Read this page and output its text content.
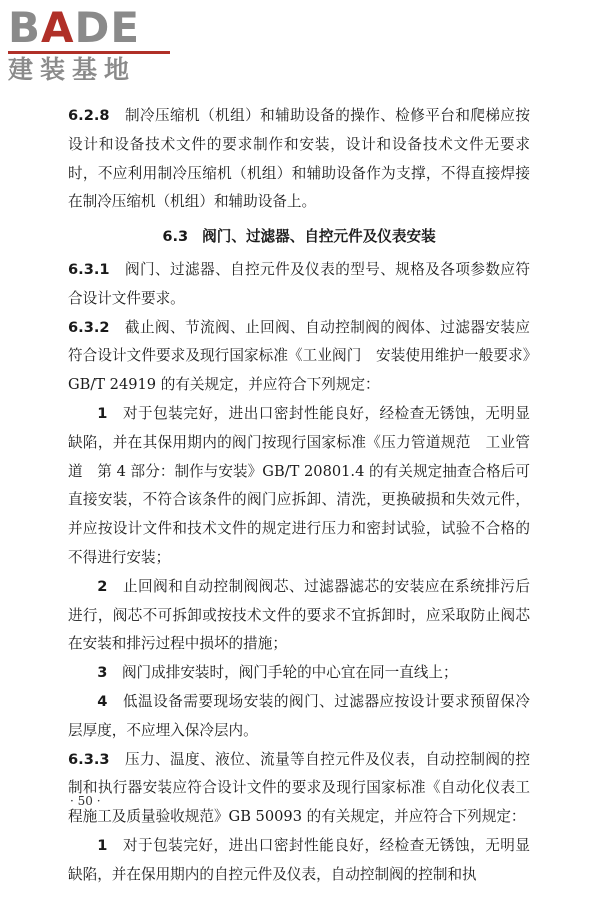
BADE
建装基地

6.2.8　 制冷压缩机（机组）和辅助设备的操作、检修平台和爬梯应按设计和设备技术文件的要求制作和安装，设计和设备技术文件无要求时，不应利用制冷压缩机（机组）和辅助设备作为支撑，不得直接焊接在制冷压缩机（机组）和辅助设备上。

6.3 阀门、过滤器、自控元件及仪表安装

6.3.1　 阀门、过滤器、自控元件及仪表的型号、规格及各项参数应符合设计文件要求。

6.3.2　 截止阀、节流阀、止回阀、自动控制阀的阀体、过滤器安装应符合设计文件要求及现行国家标准《工业阀门　安装使用维护一般要求》GB/T 24919 的有关规定，并应符合下列规定：

1　 对于包装完好，进出口密封性能良好，经检查无锈蚀，无明显缺陷，并在其保用期内的阀门按现行国家标准《压力管道规范　工业管道　第 4 部分：制作与安装》GB/T 20801.4 的有关规定抽查合格后可直接安装，不符合该条件的阀门应拆卸、清洗，更换破损和失效元件，并应按设计文件和技术文件的规定进行压力和密封试验，试验不合格的不得进行安装；

2　 止回阀和自动控制阀阀芯、过滤器滤芯的安装应在系统排污后进行，阀芯不可拆卸或按技术文件的要求不宜拆卸时，应采取防止阀芯在安装和排污过程中损坏的措施；

3　 阀门成排安装时，阀门手轮的中心宜在同一直线上；

4　 低温设备需要现场安装的阀门、过滤器应按设计要求预留保冷层厚度，不应埋入保冷层内。

6.3.3　 压力、温度、液位、流量等自控元件及仪表，自动控制阀的控制和执行器安装应符合设计文件的要求及现行国家标准《自动化仪表工程施工及质量验收规范》GB 50093 的有关规定，并应符合下列规定：

1　 对于包装完好，进出口密封性能良好，经检查无锈蚀，无明显缺陷，并在保用期内的自控元件及仪表，自动控制阀的控制和执

· 50 ·
